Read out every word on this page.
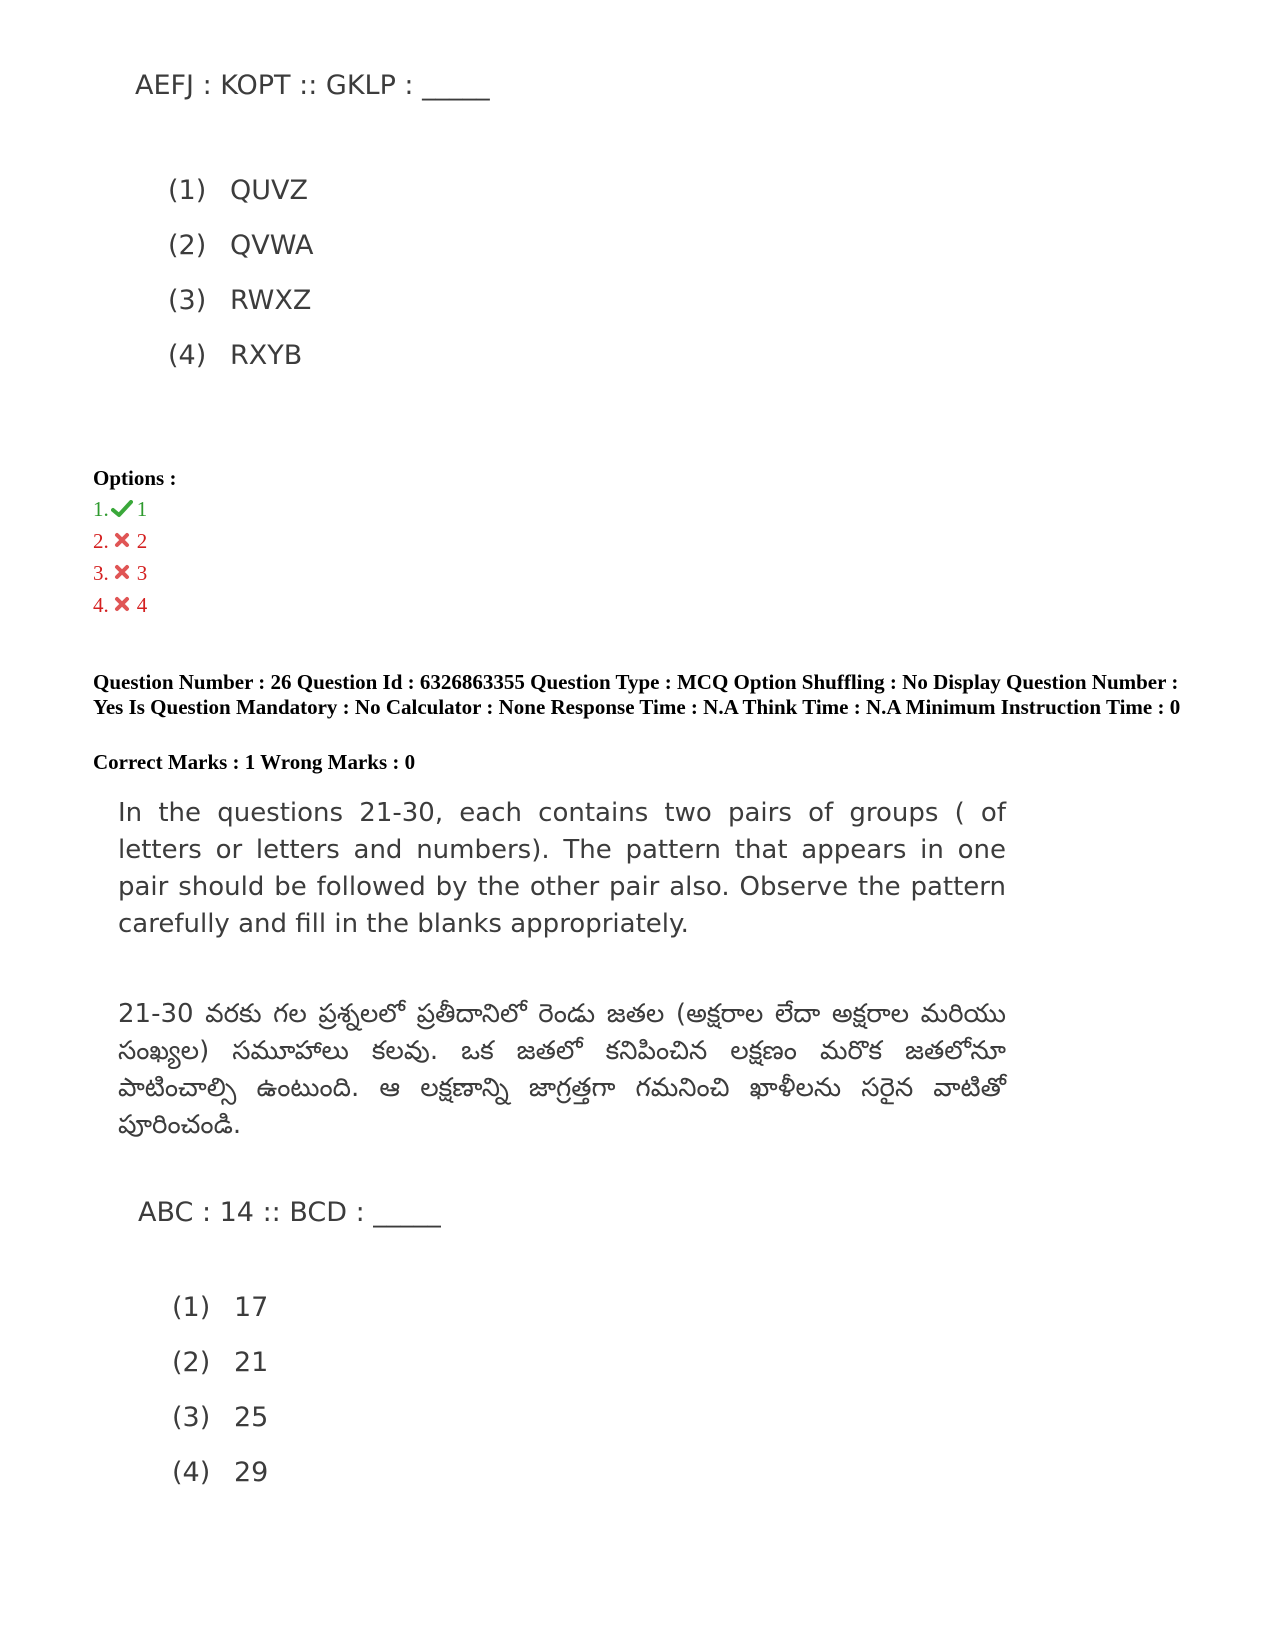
AEFJ : KOPT :: GKLP : _____
(1) QUVZ
(2) QVWA
(3) RWXZ
(4) RXYB
Options :
1. 1
2. 2
3. 3
4. 4
Question Number : 26 Question Id : 6326863355 Question Type : MCQ Option Shuffling : No Display Question Number : Yes Is Question Mandatory : No Calculator : None Response Time : N.A Think Time : N.A Minimum Instruction Time : 0
Correct Marks : 1 Wrong Marks : 0
In the questions 21-30, each contains two pairs of groups ( of letters or letters and numbers). The pattern that appears in one pair should be followed by the other pair also. Observe the pattern carefully and fill in the blanks appropriately.
21-30 వరకు గల ప్రశ్నలలో ప్రతీదానిలో రెండు జతల (అక్షరాల లేదా అక్షరాల మరియు సంఖ్యల) సమూహాలు కలవు. ఒక జతలో కనిపించిన లక్షణం మరొక జతలోనూ పాటించాల్సి ఉంటుంది. ఆ లక్షణాన్ని జాగ్రత్తగా గమనించి ఖాళీలను సరైన వాటితో పూరించండి.
ABC : 14 :: BCD : _____
(1) 17
(2) 21
(3) 25
(4) 29
